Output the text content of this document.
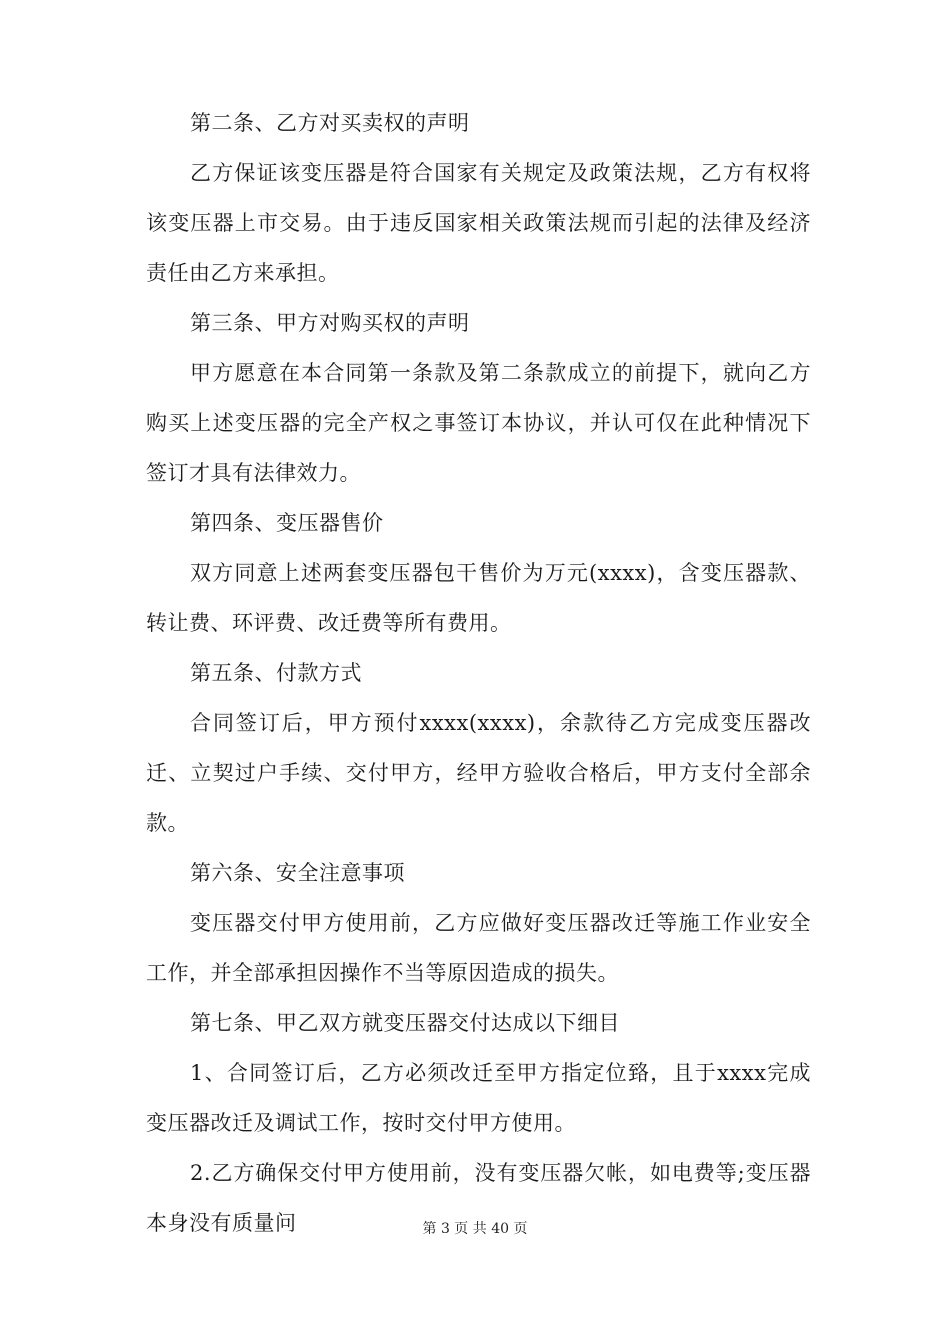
第二条、乙方对买卖权的声明

乙方保证该变压器是符合国家有关规定及政策法规，乙方有权将该变压器上市交易。由于违反国家相关政策法规而引起的法律及经济责任由乙方来承担。

第三条、甲方对购买权的声明

甲方愿意在本合同第一条款及第二条款成立的前提下，就向乙方购买上述变压器的完全产权之事签订本协议，并认可仅在此种情况下签订才具有法律效力。

第四条、变压器售价

双方同意上述两套变压器包干售价为万元(xxxx)，含变压器款、转让费、环评费、改迁费等所有费用。

第五条、付款方式

合同签订后，甲方预付xxxx(xxxx)，余款待乙方完成变压器改迁、立契过户手续、交付甲方，经甲方验收合格后，甲方支付全部余款。

第六条、安全注意事项

变压器交付甲方使用前，乙方应做好变压器改迁等施工作业安全工作，并全部承担因操作不当等原因造成的损失。

第七条、甲乙双方就变压器交付达成以下细目

1、合同签订后，乙方必须改迁至甲方指定位臵，且于xxxx完成变压器改迁及调试工作，按时交付甲方使用。

2.乙方确保交付甲方使用前，没有变压器欠帐，如电费等;变压器本身没有质量问	第 3 页 共 40 页
